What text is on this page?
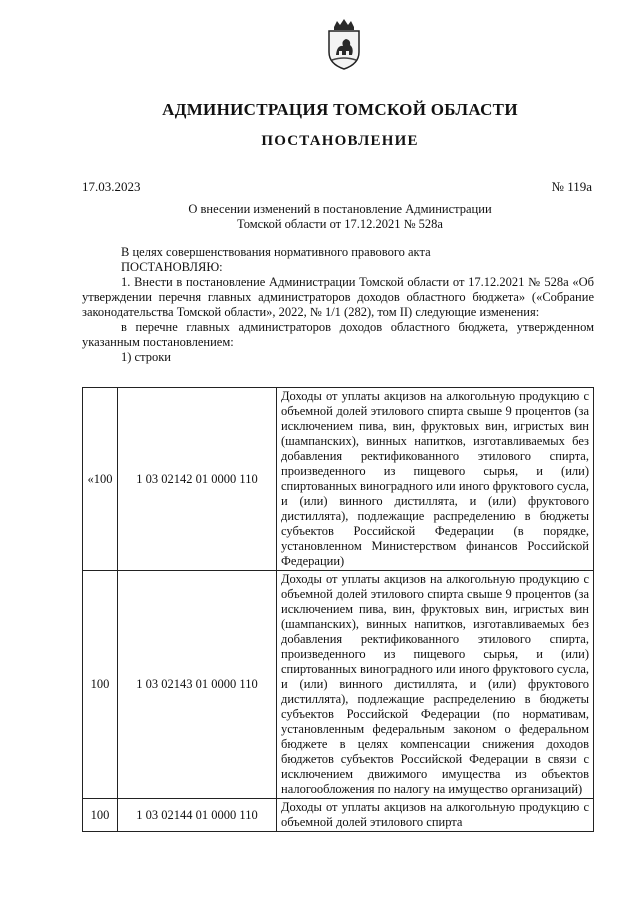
АДМИНИСТРАЦИЯ ТОМСКОЙ ОБЛАСТИ
ПОСТАНОВЛЕНИЕ
17.03.2023	№ 119а
О внесении изменений в постановление Администрации
Томской области от 17.12.2021 № 528а

В целях совершенствования нормативного правового акта

ПОСТАНОВЛЯЮ:

1. Внести в постановление Администрации Томской области от 17.12.2021 № 528а «Об утверждении перечня главных администраторов доходов областного бюджета» («Собрание законодательства Томской области», 2022, № 1/1 (282), том II) следующие изменения:

в перечне главных администраторов доходов областного бюджета, утвержденном указанным постановлением:

1) строки

«100	1 03 02142 01 0000 110	Доходы от уплаты акцизов на алкогольную продукцию с объемной долей этилового спирта свыше 9 процентов (за исключением пива, вин, фруктовых вин, игристых вин (шампанских), винных напитков, изготавливаемых без добавления ректификованного этилового спирта, произведенного из пищевого сырья, и (или) спиртованных виноградного или иного фруктового сусла, и (или) винного дистиллята, и (или) фруктового дистиллята), подлежащие распределению в бюджеты субъектов Российской Федерации (в порядке, установленном Министерством финансов Российской Федерации)
100	1 03 02143 01 0000 110	Доходы от уплаты акцизов на алкогольную продукцию с объемной долей этилового спирта свыше 9 процентов (за исключением пива, вин, фруктовых вин, игристых вин (шампанских), винных напитков, изготавливаемых без добавления ректификованного этилового спирта, произведенного из пищевого сырья, и (или) спиртованных виноградного или иного фруктового сусла, и (или) винного дистиллята, и (или) фруктового дистиллята), подлежащие распределению в бюджеты субъектов Российской Федерации (по нормативам, установленным федеральным законом о федеральном бюджете в целях компенсации снижения доходов бюджетов субъектов Российской Федерации в связи с исключением движимого имущества из объектов налогообложения по налогу на имущество организаций)
100	1 03 02144 01 0000 110	Доходы от уплаты акцизов на алкогольную продукцию с объемной долей этилового спирта
